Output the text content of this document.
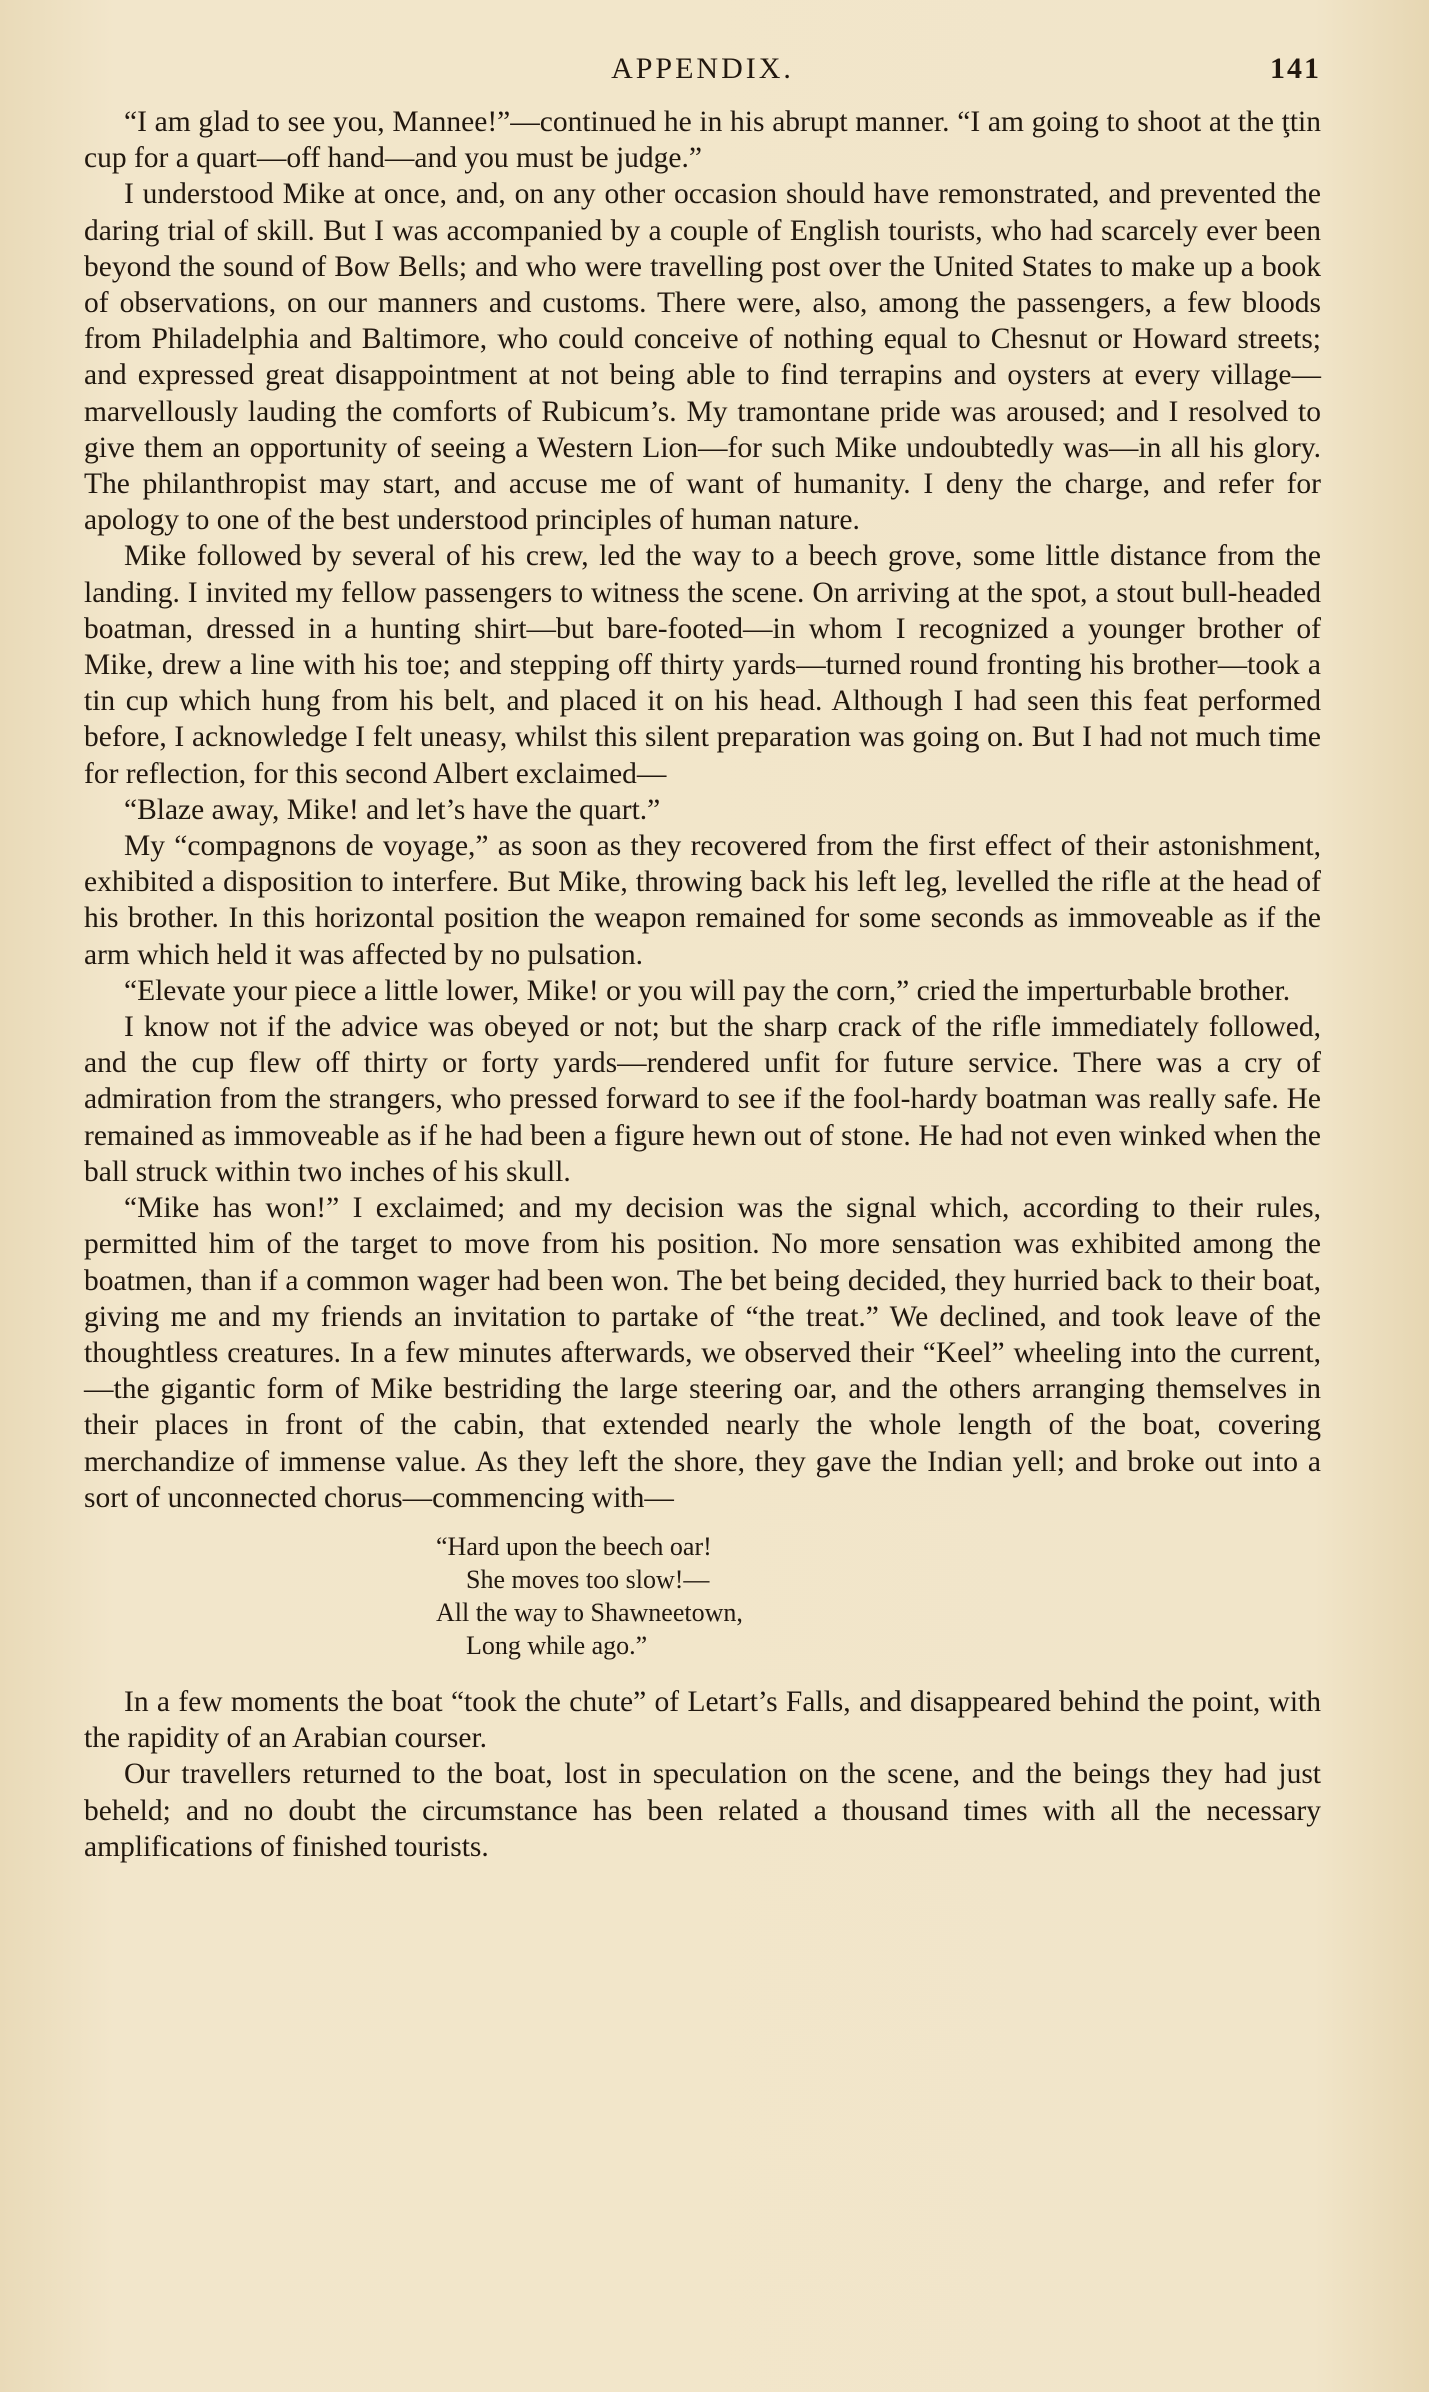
APPENDIX.	141

“I am glad to see you, Mannee!”—continued he in his abrupt manner. “I am going to shoot at the ţtin cup for a quart—off hand—and you must be judge.”

I understood Mike at once, and, on any other occasion should have remonstrated, and prevented the daring trial of skill. But I was accompanied by a couple of English tourists, who had scarcely ever been beyond the sound of Bow Bells; and who were travelling post over the United States to make up a book of observations, on our manners and customs. There were, also, among the passengers, a few bloods from Philadelphia and Baltimore, who could conceive of nothing equal to Chesnut or Howard streets; and expressed great disappointment at not being able to find terrapins and oysters at every village—marvellously lauding the comforts of Rubicum’s. My tramontane pride was aroused; and I resolved to give them an opportunity of seeing a Western Lion—for such Mike undoubtedly was—in all his glory. The philanthropist may start, and accuse me of want of humanity. I deny the charge, and refer for apology to one of the best understood principles of human nature.

Mike followed by several of his crew, led the way to a beech grove, some little distance from the landing. I invited my fellow passengers to witness the scene. On arriving at the spot, a stout bull-headed boatman, dressed in a hunting shirt—but bare-footed—in whom I recognized a younger brother of Mike, drew a line with his toe; and stepping off thirty yards—turned round fronting his brother—took a tin cup which hung from his belt, and placed it on his head. Although I had seen this feat performed before, I acknowledge I felt uneasy, whilst this silent preparation was going on. But I had not much time for reflection, for this second Albert exclaimed—

“Blaze away, Mike! and let’s have the quart.”

My “compagnons de voyage,” as soon as they recovered from the first effect of their astonishment, exhibited a disposition to interfere. But Mike, throwing back his left leg, levelled the rifle at the head of his brother. In this horizontal position the weapon remained for some seconds as immoveable as if the arm which held it was affected by no pulsation.

“Elevate your piece a little lower, Mike! or you will pay the corn,” cried the imperturbable brother.

I know not if the advice was obeyed or not; but the sharp crack of the rifle immediately followed, and the cup flew off thirty or forty yards—rendered unfit for future service. There was a cry of admiration from the strangers, who pressed forward to see if the fool-hardy boatman was really safe. He remained as immoveable as if he had been a figure hewn out of stone. He had not even winked when the ball struck within two inches of his skull.

“Mike has won!” I exclaimed; and my decision was the signal which, according to their rules, permitted him of the target to move from his position. No more sensation was exhibited among the boatmen, than if a common wager had been won. The bet being decided, they hurried back to their boat, giving me and my friends an invitation to partake of “the treat.” We declined, and took leave of the thoughtless creatures. In a few minutes afterwards, we observed their “Keel” wheeling into the current,—the gigantic form of Mike bestriding the large steering oar, and the others arranging themselves in their places in front of the cabin, that extended nearly the whole length of the boat, covering merchandize of immense value. As they left the shore, they gave the Indian yell; and broke out into a sort of unconnected chorus—commencing with—

“Hard upon the beech oar!
She moves too slow!—
All the way to Shawneetown,
Long while ago.”

In a few moments the boat “took the chute” of Letart’s Falls, and disappeared behind the point, with the rapidity of an Arabian courser.

Our travellers returned to the boat, lost in speculation on the scene, and the beings they had just beheld; and no doubt the circumstance has been related a thousand times with all the necessary amplifications of finished tourists.
